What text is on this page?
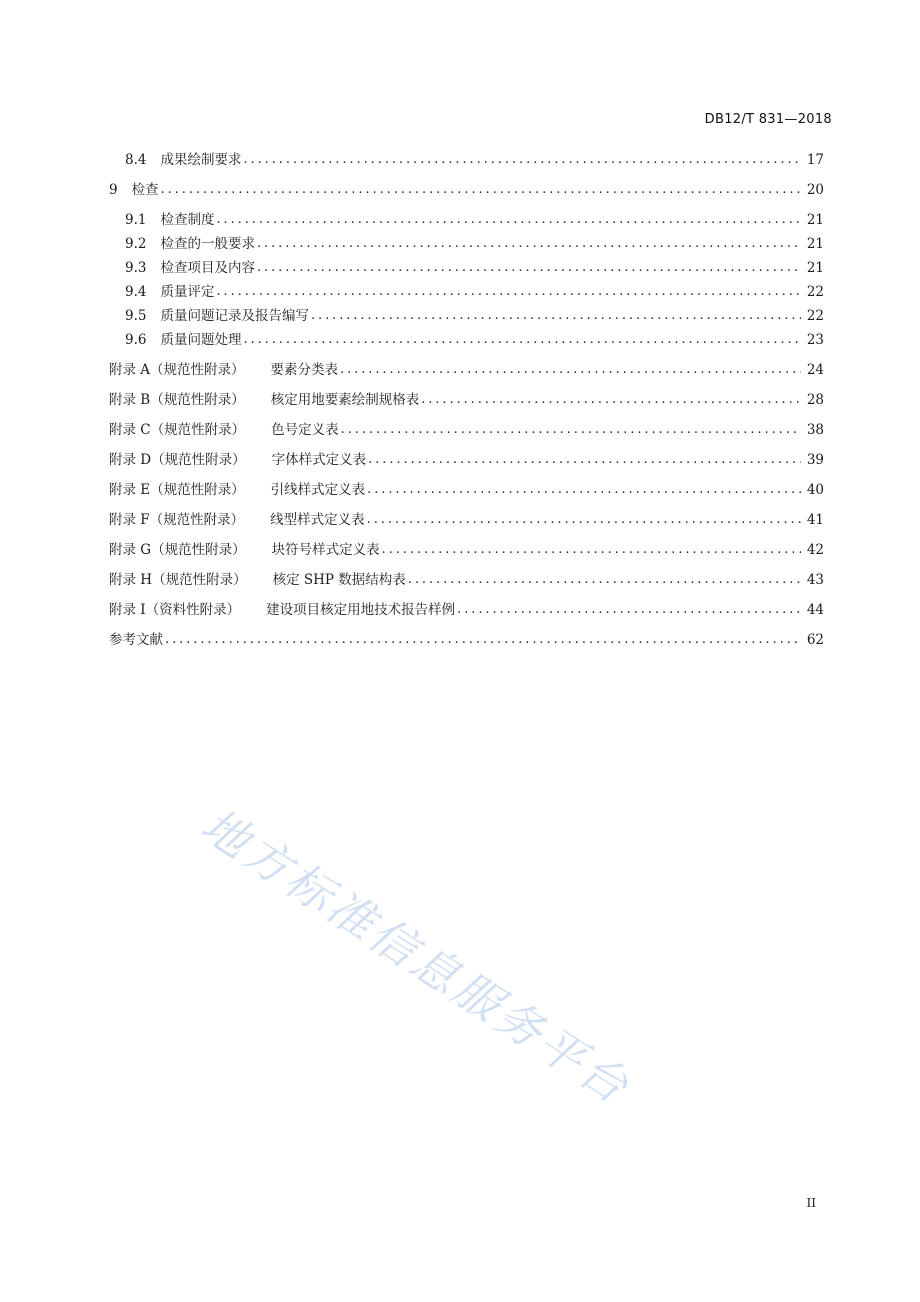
DB12/T 831—2018
8.4 成果绘制要求 . . .	17
9 检查 . . .	20
9.1 检查制度 . . .	21
9.2 检查的一般要求 . . .	21
9.3 检查项目及内容 . . .	21
9.4 质量评定 . . .	22
9.5 质量问题记录及报告编写 . . .	22
9.6 质量问题处理 . . .	23
附录 A（规范性附录） 要素分类表 . . .	24
附录 B（规范性附录） 核定用地要素绘制规格表 . . .	28
附录 C（规范性附录） 色号定义表 . . .	38
附录 D（规范性附录） 字体样式定义表 . . .	39
附录 E（规范性附录） 引线样式定义表 . . .	40
附录 F（规范性附录） 线型样式定义表 . . .	41
附录 G（规范性附录） 块符号样式定义表 . . .	42
附录 H（规范性附录） 核定 SHP 数据结构表 . . .	43
附录 I（资料性附录） 建设项目核定用地技术报告样例 . . .	44
参考文献 . . .	62
地方标准信息服务平台
II
